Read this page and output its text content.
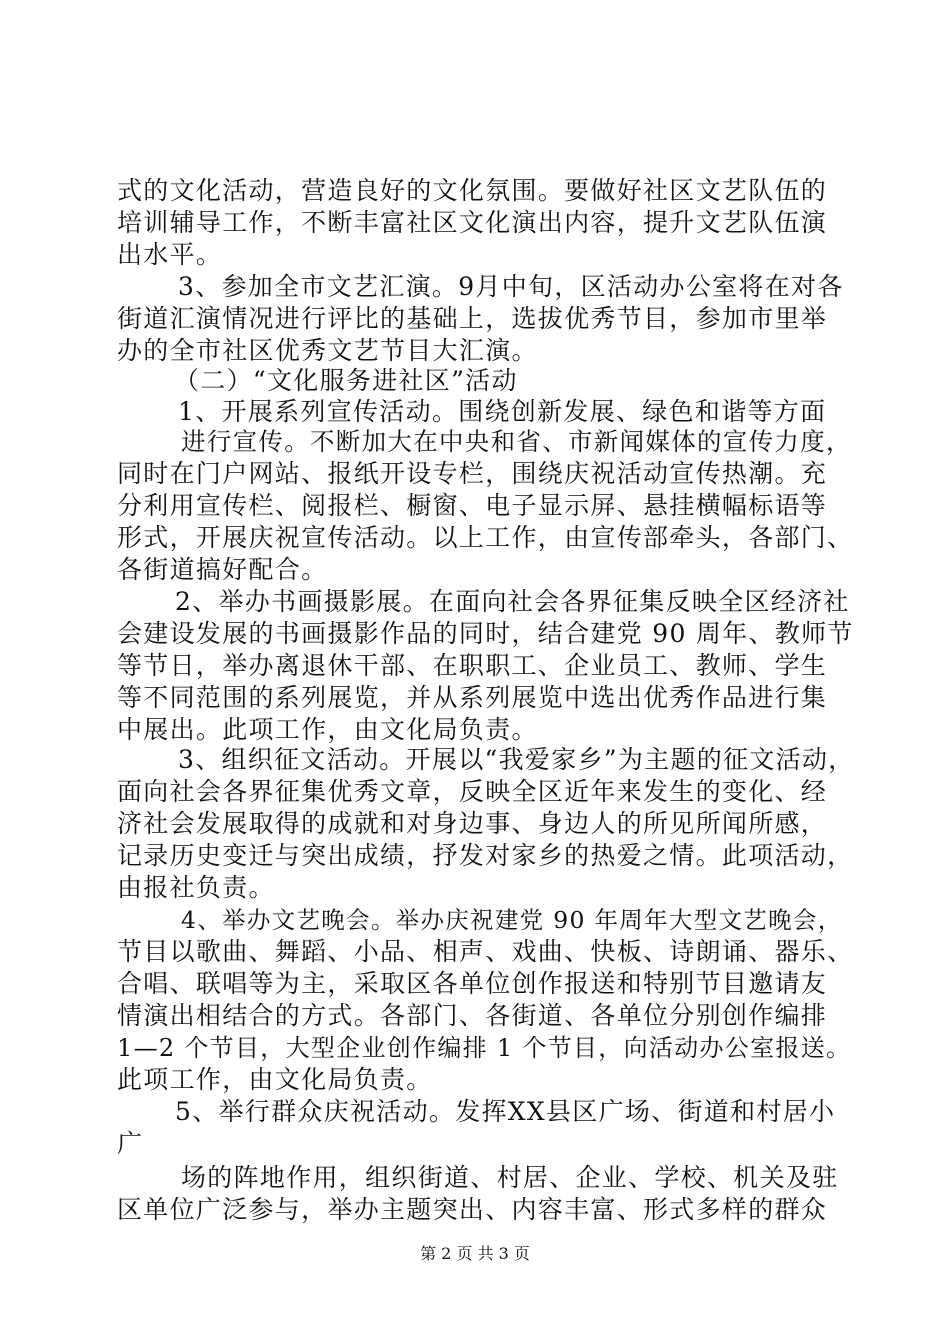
式的文化活动，营造良好的文化氛围。要做好社区文艺队伍的
培训辅导工作，不断丰富社区文化演出内容，提升文艺队伍演
出水平。
3、参加全市文艺汇演。9月中旬，区活动办公室将在对各
街道汇演情况进行评比的基础上，选拔优秀节目，参加市里举
办的全市社区优秀文艺节目大汇演。
（二）“文化服务进社区”活动
1、开展系列宣传活动。围绕创新发展、绿色和谐等方面
进行宣传。不断加大在中央和省、市新闻媒体的宣传力度，
同时在门户网站、报纸开设专栏，围绕庆祝活动宣传热潮。充
分利用宣传栏、阅报栏、橱窗、电子显示屏、悬挂横幅标语等
形式，开展庆祝宣传活动。以上工作，由宣传部牵头，各部门、
各街道搞好配合。
2、举办书画摄影展。在面向社会各界征集反映全区经济社
会建设发展的书画摄影作品的同时，结合建党 90 周年、教师节
等节日，举办离退休干部、在职职工、企业员工、教师、学生
等不同范围的系列展览，并从系列展览中选出优秀作品进行集
中展出。此项工作，由文化局负责。
3、组织征文活动。开展以“我爱家乡”为主题的征文活动，
面向社会各界征集优秀文章，反映全区近年来发生的变化、经
济社会发展取得的成就和对身边事、身边人的所见所闻所感，
记录历史变迁与突出成绩，抒发对家乡的热爱之情。此项活动，
由报社负责。
4、举办文艺晚会。举办庆祝建党 90 年周年大型文艺晚会，
节目以歌曲、舞蹈、小品、相声、戏曲、快板、诗朗诵、器乐、
合唱、联唱等为主，采取区各单位创作报送和特别节目邀请友
情演出相结合的方式。各部门、各街道、各单位分别创作编排
1—2 个节目，大型企业创作编排 1 个节目，向活动办公室报送。
此项工作，由文化局负责。
5、举行群众庆祝活动。发挥XX县区广场、街道和村居小
广
场的阵地作用，组织街道、村居、企业、学校、机关及驻
区单位广泛参与，举办主题突出、内容丰富、形式多样的群众
第 2 页 共 3 页
